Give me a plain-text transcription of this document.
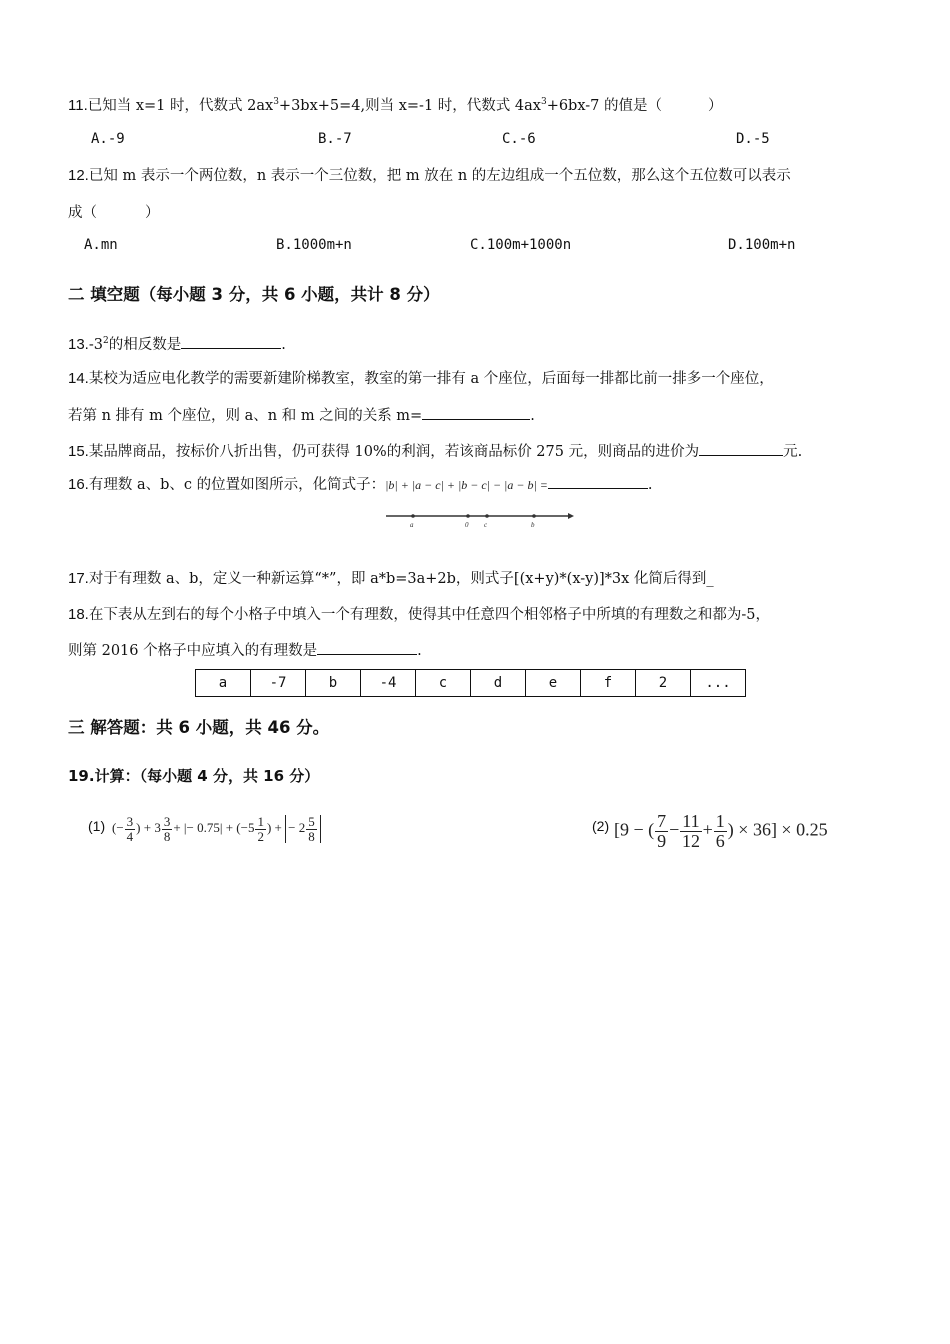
11.已知当 x=1 时，代数式 $2ax^3+3bx+5=4$,则当 x=-1 时，代数式 $4ax^3+6bx-7$ 的值是（	）
A.-9	B.-7	C.-6	D.-5
12.已知 m 表示一个两位数，n 表示一个三位数，把 m 放在 n 的左边组成一个五位数，那么这个五位数可以表示
成（	）
A.mn	B.1000m+n	C.100m+1000n	D.100m+n
二 填空题（每小题 3 分，共 6 小题，共计 8 分）
$13.-3^2$的相反数是	.
14.某校为适应电化教学的需要新建阶梯教室，教室的第一排有 a 个座位，后面每一排都比前一排多一个座位，
若第 n 排有 m 个座位，则 a、n 和 m 之间的关系 m=	.
15.某品牌商品，按标价八折出售，仍可获得 10%的利润，若该商品标价 275 元，则商品的进价为	元.
16.有理数 a、b、c 的位置如图所示，化简式子：|b| + |a − c| + |b − c| − |a − b| =	.
a	0 c	b
17.对于有理数 a、b，定义一种新运算“*”，即 a*b=3a+2b，则式子[(x+y)*(x-y)]*3x 化简后得到_
18.在下表从左到右的每个小格子中填入一个有理数，使得其中任意四个相邻格子中所填的有理数之和都为-5，
则第 2016 个格子中应填入的有理数是	.
a	-7	b	-4	c	d	e	f	2	...
三 解答题：共 6 小题，共 46 分。
19.计算：（每小题 4 分，共 16 分）
(1) (− $\frac{3}{4}$ ) + $3 \frac{3}{8}$ + |− $0.75| + (-5 \frac{1}{2}$ ) + − $2 \frac{5}{8}$	(2) [9 − ( $\frac{7}{9} - \frac{11}{12} + \frac{1}{6}$ ) × 36] × 0.25
